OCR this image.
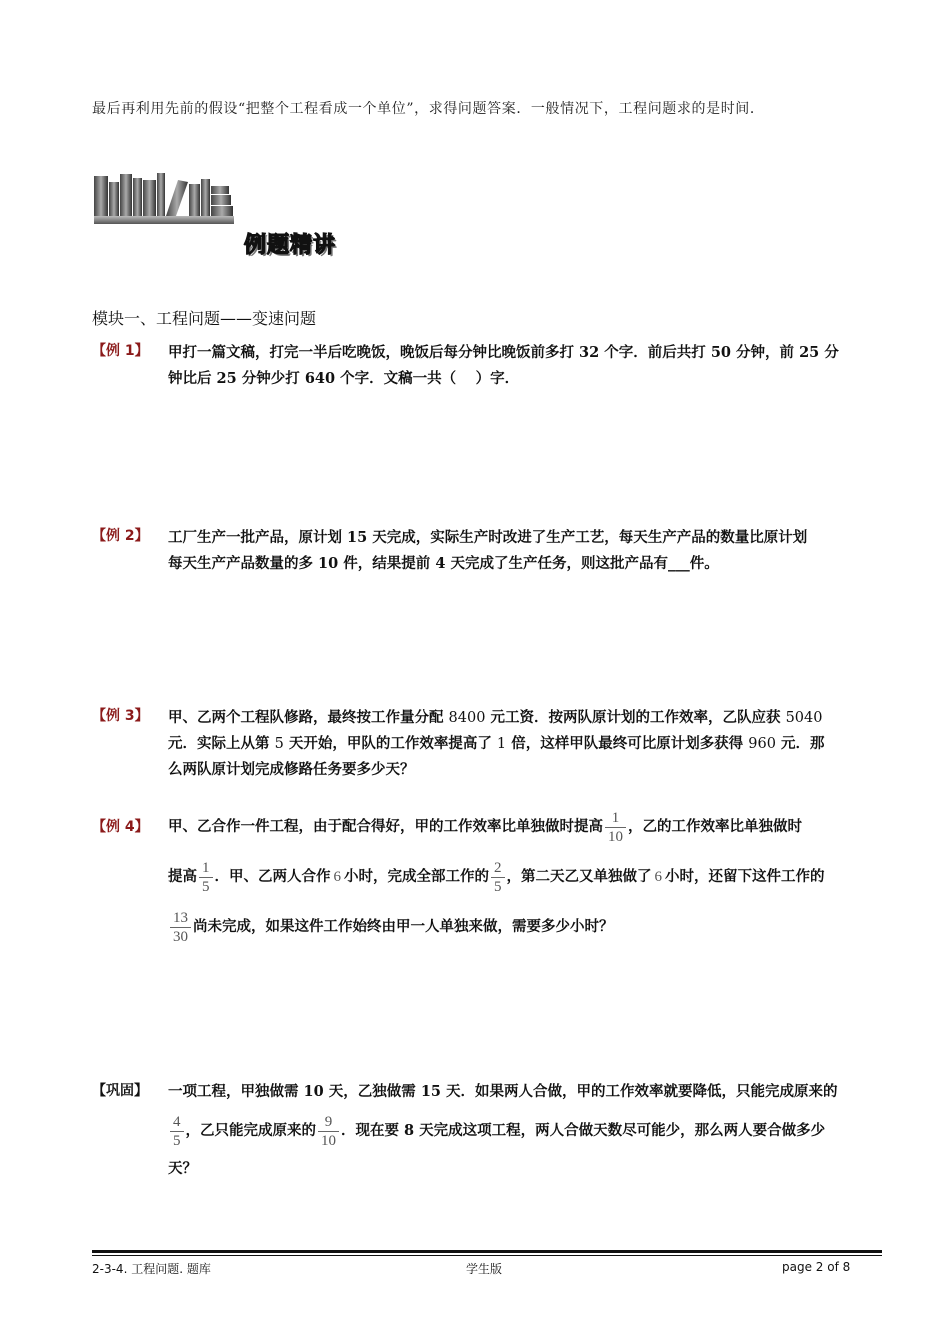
最后再利用先前的假设“把整个工程看成一个单位”，求得问题答案．一般情况下，工程问题求的是时间．
例题精讲
模块一、工程问题——变速问题
【例 1】 甲打一篇文稿，打完一半后吃晚饭，晚饭后每分钟比晚饭前多打 32 个字．前后共打 50 分钟，前 25 分
钟比后 25 分钟少打 640 个字．文稿一共（　 ）字．
【例 2】 工厂生产一批产品，原计划 15 天完成，实际生产时改进了生产工艺，每天生产产品的数量比原计划
每天生产产品数量的多 10 件，结果提前 4 天完成了生产任务，则这批产品有___件。
【例 3】 甲、乙两个工程队修路，最终按工作量分配 8400 元工资．按两队原计划的工作效率，乙队应获 5040
元．实际上从第 5 天开始，甲队的工作效率提高了 1 倍，这样甲队最终可比原计划多获得 960 元．那
么两队原计划完成修路任务要多少天？
【例 4】 甲、乙合作一件工程，由于配合得好，甲的工作效率比单独做时提高 $\frac{1}{10}$ ，乙的工作效率比单独做时
提高 $\frac{1}{5}$ ．甲、乙两人合作 6 小时，完成全部工作的 $\frac{2}{5}$ ，第二天乙又单独做了 6 小时，还留下这件工作的
$\frac{13}{30}$ 尚未完成，如果这件工作始终由甲一人单独来做，需要多少小时？
【巩固】 一项工程，甲独做需 10 天，乙独做需 15 天．如果两人合做，甲的工作效率就要降低，只能完成原来的
$\frac{4}{5}$ ，乙只能完成原来的 $\frac{9}{10}$ ．现在要 8 天完成这项工程，两人合做天数尽可能少，那么两人要合做多少
天？
2-3-4. 工程问题. 题库	学生版	page 2 of 8
